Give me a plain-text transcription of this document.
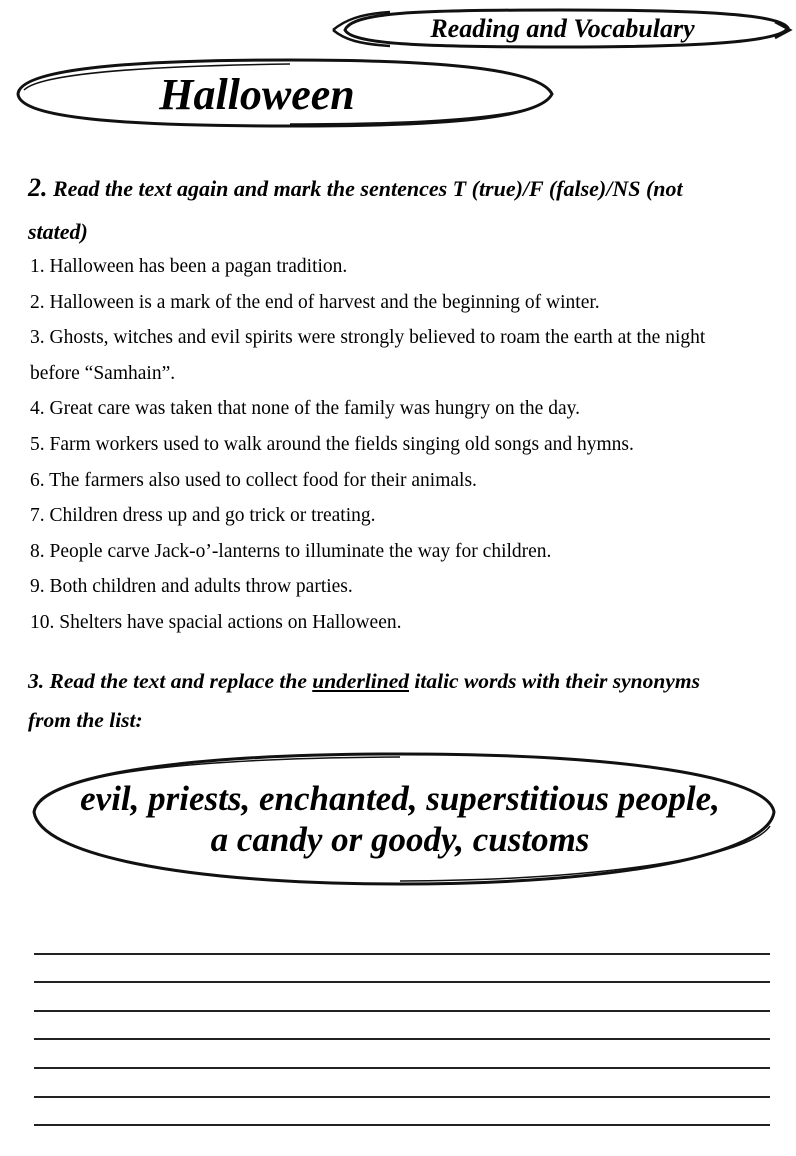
Reading and Vocabulary
Halloween
2. Read the text again and mark the sentences T (true)/F (false)/NS (not
stated)
1. Halloween has been a pagan tradition.
2. Halloween is a mark of the end of harvest and the beginning of winter.
3. Ghosts, witches and evil spirits were strongly believed to roam the earth at the night
before “Samhain”.
4. Great care was taken that none of the family was hungry on the day.
5. Farm workers used to walk around the fields singing old songs and hymns.
6. The farmers also used to collect food for their animals.
7. Children dress up and go trick or treating.
8. People carve Jack-o’-lanterns to illuminate the way for children.
9. Both children and adults throw parties.
10. Shelters have spacial actions on Halloween.
3. Read the text and replace the underlined italic words with their synonyms
from the list:
evil, priests, enchanted, superstitious people,
a candy or goody, customs
